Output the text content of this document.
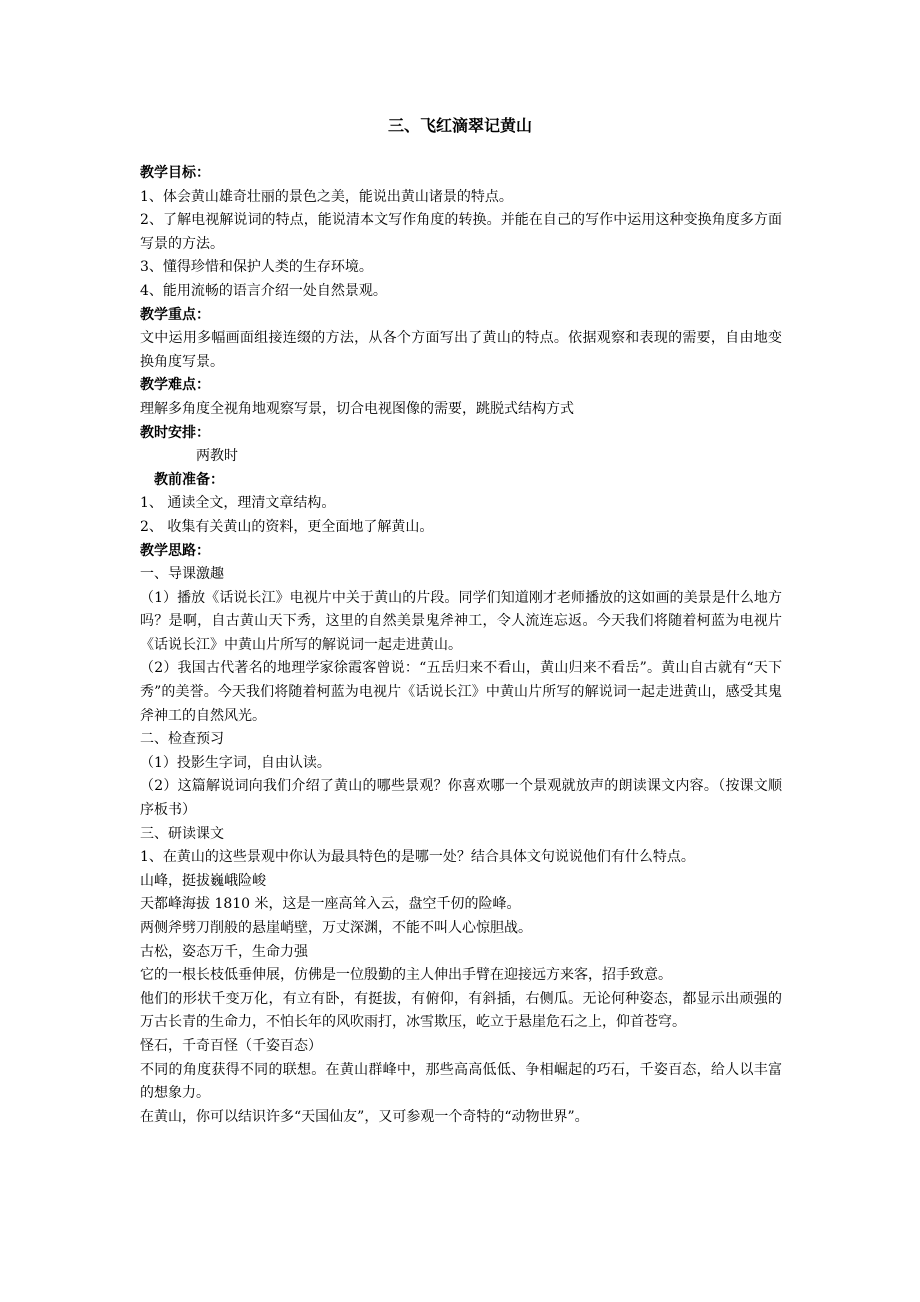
三、飞红滴翠记黄山

教学目标：

1、体会黄山雄奇壮丽的景色之美，能说出黄山诸景的特点。

2、了解电视解说词的特点，能说清本文写作角度的转换。并能在自己的写作中运用这种变换角度多方面写景的方法。

3、懂得珍惜和保护人类的生存环境。

4、能用流畅的语言介绍一处自然景观。

教学重点：

文中运用多幅画面组接连缀的方法，从各个方面写出了黄山的特点。依据观察和表现的需要，自由地变换角度写景。

教学难点：

理解多角度全视角地观察写景，切合电视图像的需要，跳脱式结构方式

教时安排：

两教时

教前准备：

1、 通读全文，理清文章结构。

2、 收集有关黄山的资料，更全面地了解黄山。

教学思路：

一、导课激趣

（1）播放《话说长江》电视片中关于黄山的片段。同学们知道刚才老师播放的这如画的美景是什么地方吗？是啊，自古黄山天下秀，这里的自然美景鬼斧神工，令人流连忘返。今天我们将随着柯蓝为电视片《话说长江》中黄山片所写的解说词一起走进黄山。

（2）我国古代著名的地理学家徐霞客曾说：“五岳归来不看山，黄山归来不看岳”。黄山自古就有“天下秀”的美誉。今天我们将随着柯蓝为电视片《话说长江》中黄山片所写的解说词一起走进黄山，感受其鬼斧神工的自然风光。

二、检查预习

（1）投影生字词，自由认读。

（2）这篇解说词向我们介绍了黄山的哪些景观？你喜欢哪一个景观就放声的朗读课文内容。（按课文顺序板书）

三、研读课文

1、在黄山的这些景观中你认为最具特色的是哪一处？结合具体文句说说他们有什么特点。

山峰，挺拔巍峨险峻

天都峰海拔 1810 米，这是一座高耸入云，盘空千仞的险峰。

两侧斧劈刀削般的悬崖峭壁，万丈深渊，不能不叫人心惊胆战。

古松，姿态万千，生命力强

它的一根长枝低垂伸展，仿佛是一位殷勤的主人伸出手臂在迎接远方来客，招手致意。

他们的形状千变万化，有立有卧，有挺拔，有俯仰，有斜插，右侧瓜。无论何种姿态，都显示出顽强的万古长青的生命力，不怕长年的风吹雨打，冰雪欺压，屹立于悬崖危石之上，仰首苍穹。

怪石，千奇百怪（千姿百态）

不同的角度获得不同的联想。在黄山群峰中，那些高高低低、争相崛起的巧石，千姿百态，给人以丰富的想象力。

在黄山，你可以结识许多“天国仙友”，又可参观一个奇特的“动物世界”。
